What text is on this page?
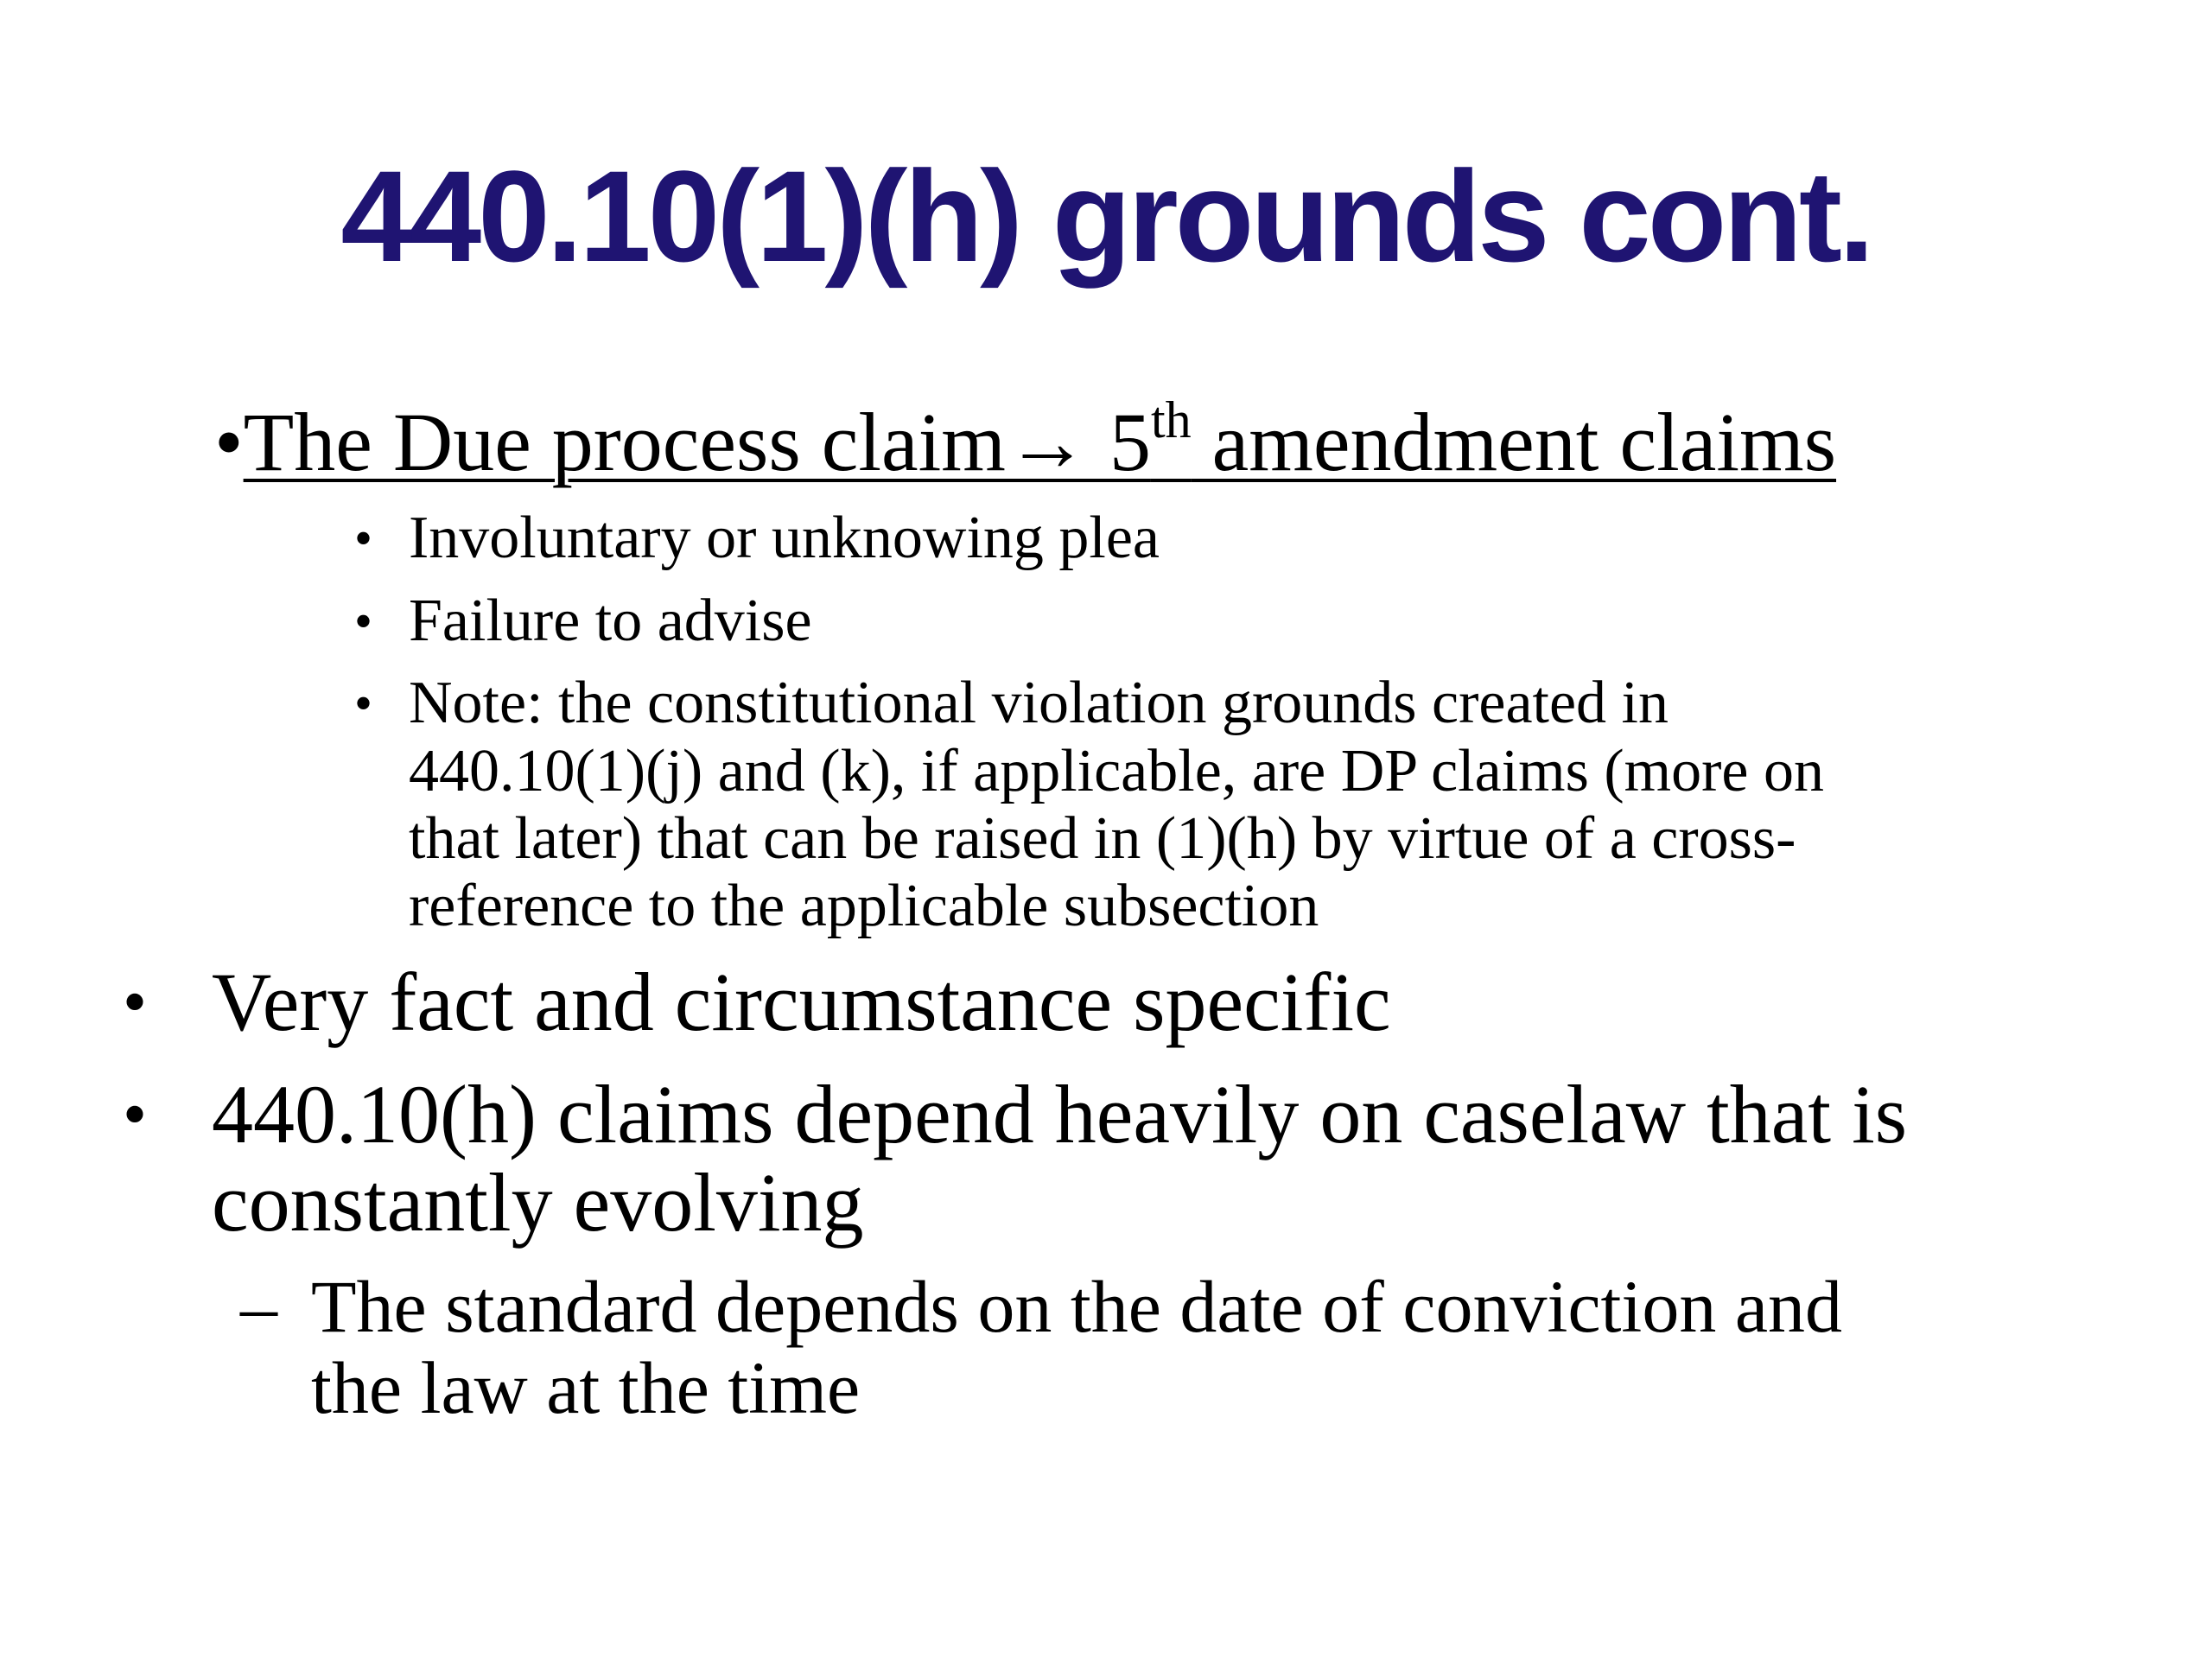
440.10(1)(h) grounds cont.

•The Due process claim→ 5th amendment claims

• Involuntary or unknowing plea

• Failure to advise

• Note: the constitutional violation grounds created in

440.10(1)(j) and (k), if applicable, are DP claims (more on

that later) that can be raised in (1)(h) by virtue of a cross-

reference to the applicable subsection

• Very fact and circumstance specific

• 440.10(h) claims depend heavily on caselaw that is

constantly evolving

– The standard depends on the date of conviction and

the law at the time
